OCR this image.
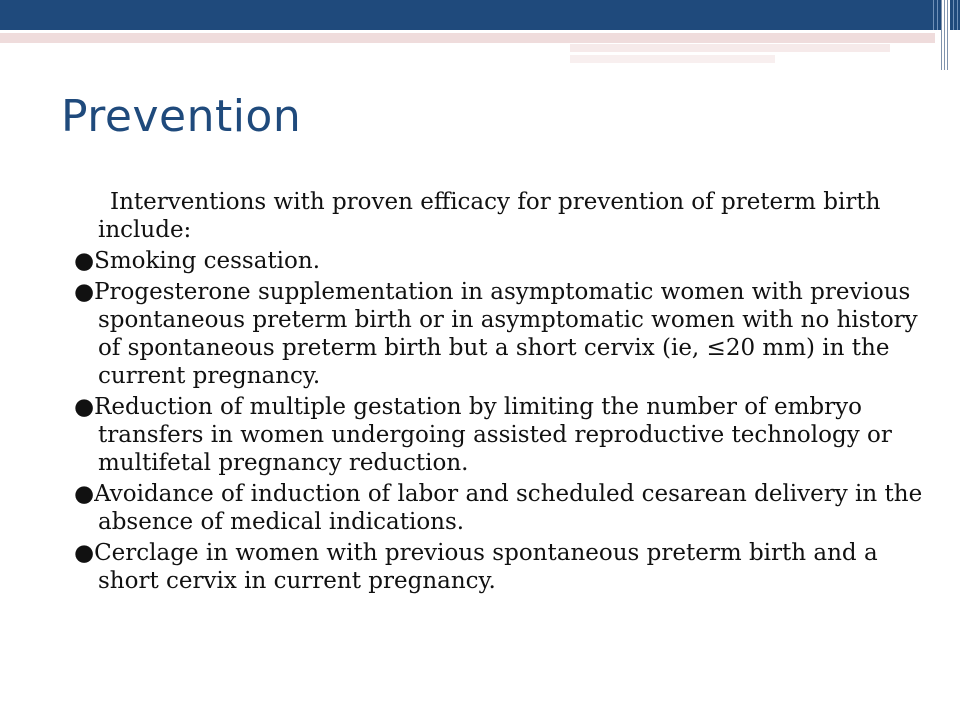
Prevention

Interventions with proven efficacy for prevention of preterm birth include:

●Smoking cessation.

●Progesterone supplementation in asymptomatic women with previous spontaneous preterm birth or in asymptomatic women with no history of spontaneous preterm birth but a short cervix (ie, ≤20 mm) in the current pregnancy.

●Reduction of multiple gestation by limiting the number of embryo transfers in women undergoing assisted reproductive technology or multifetal pregnancy reduction.

●Avoidance of induction of labor and scheduled cesarean delivery in the absence of medical indications.

●Cerclage in women with previous spontaneous preterm birth and a short cervix in current pregnancy.
